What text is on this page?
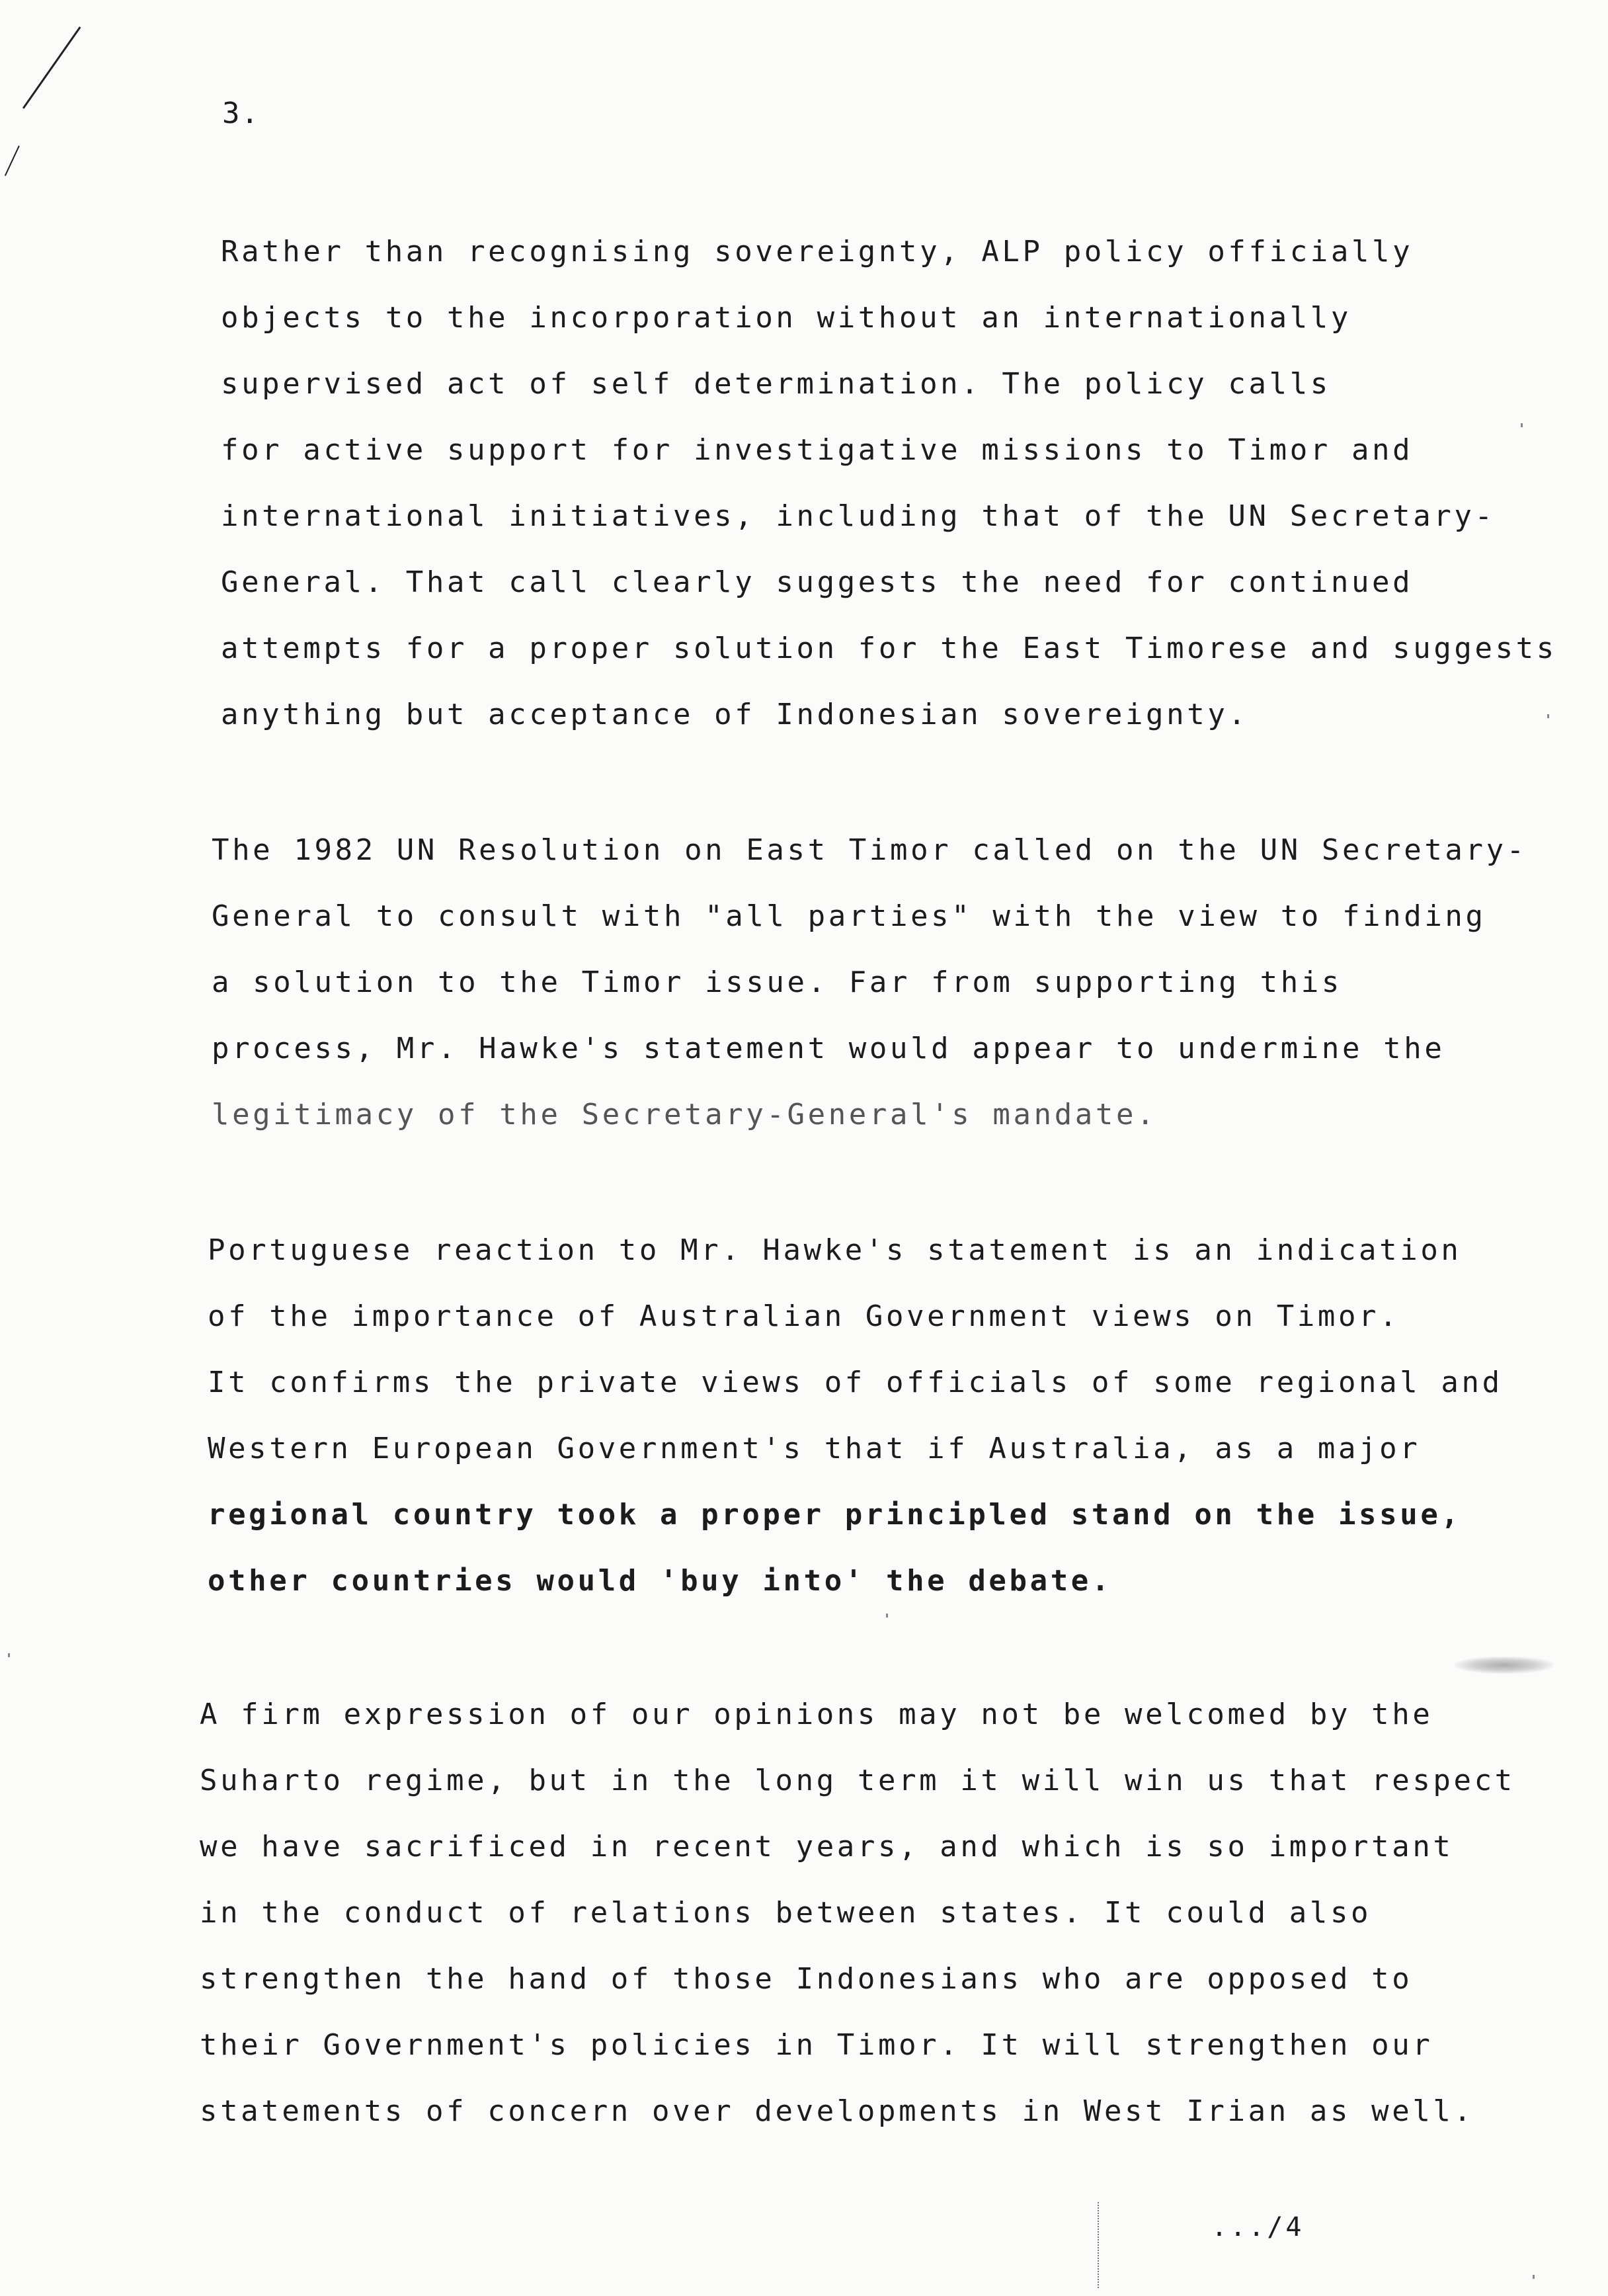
3.
Rather than recognising sovereignty, ALP policy officially
objects to the incorporation without an internationally
supervised act of self determination. The policy calls
for active support for investigative missions to Timor and
international initiatives, including that of the UN Secretary-
General. That call clearly suggests the need for continued
attempts for a proper solution for the East Timorese and suggests
anything but acceptance of Indonesian sovereignty.
The 1982 UN Resolution on East Timor called on the UN Secretary-
General to consult with "all parties" with the view to finding
a solution to the Timor issue. Far from supporting this
process, Mr. Hawke's statement would appear to undermine the
legitimacy of the Secretary-General's mandate.
Portuguese reaction to Mr. Hawke's statement is an indication
of the importance of Australian Government views on Timor.
It confirms the private views of officials of some regional and
Western European Government's that if Australia, as a major
regional country took a proper principled stand on the issue,
other countries would 'buy into' the debate.
A firm expression of our opinions may not be welcomed by the
Suharto regime, but in the long term it will win us that respect
we have sacrificed in recent years, and which is so important
in the conduct of relations between states. It could also
strengthen the hand of those Indonesians who are opposed to
their Government's policies in Timor. It will strengthen our
statements of concern over developments in West Irian as well.
.../4
